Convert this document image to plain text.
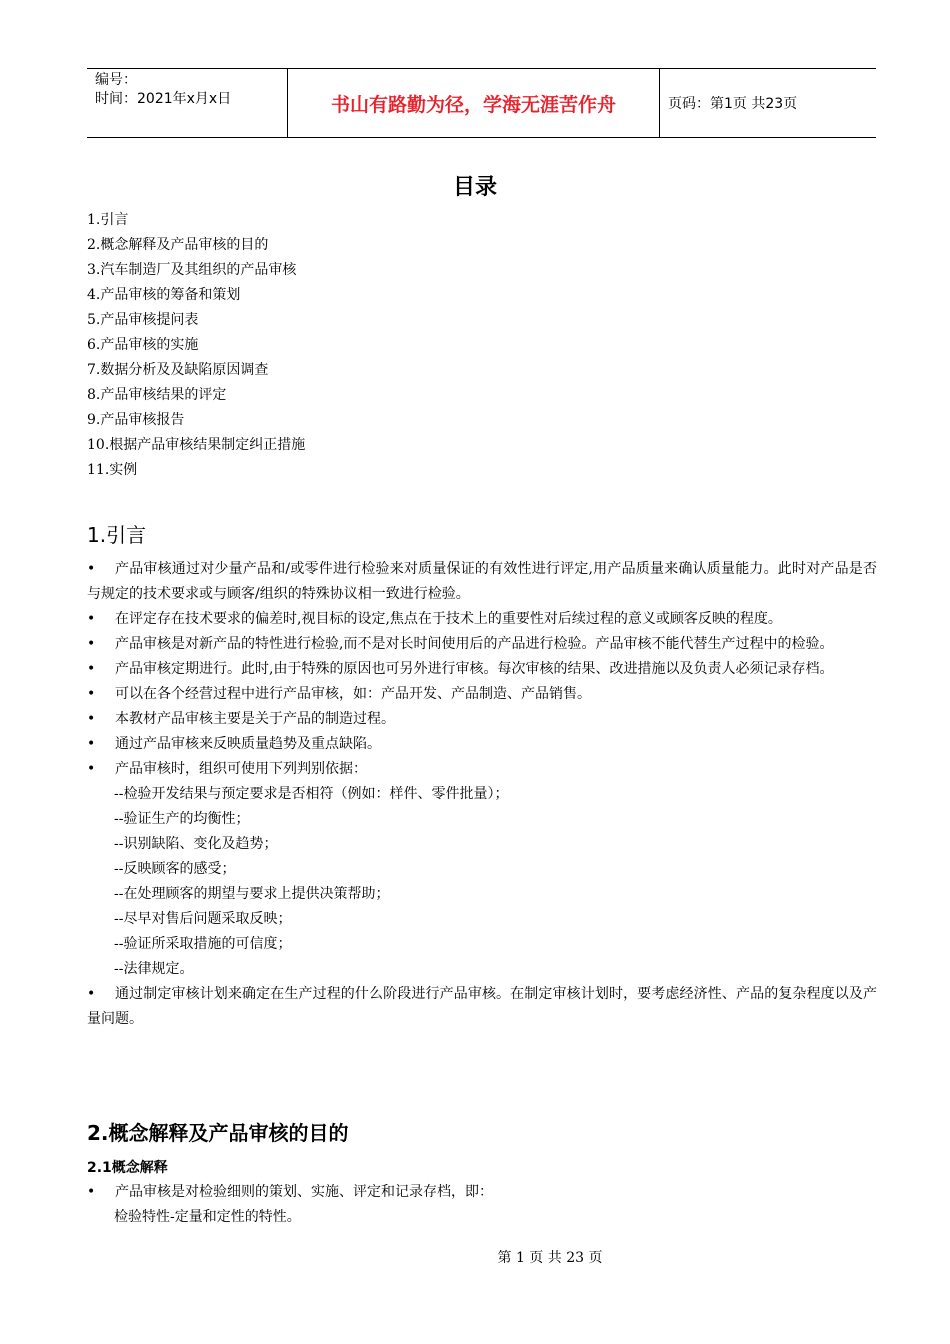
编号：
时间：2021年x月x日	书山有路勤为径，学海无涯苦作舟	页码：第1页 共23页
目录
1.引言
2.概念解释及产品审核的目的
3.汽车制造厂及其组织的产品审核
4.产品审核的筹备和策划
5.产品审核提问表
6.产品审核的实施
7.数据分析及及缺陷原因调查
8.产品审核结果的评定
9.产品审核报告
10.根据产品审核结果制定纠正措施
11.实例
1.引言

•	产品审核通过对少量产品和/或零件进行检验来对质量保证的有效性进行评定,用产品质量来确认质量能力。此时对产品是否与规定的技术要求或与顾客/组织的特殊协议相一致进行检验。

•	在评定存在技术要求的偏差时,视目标的设定,焦点在于技术上的重要性对后续过程的意义或顾客反映的程度。

•	产品审核是对新产品的特性进行检验,而不是对长时间使用后的产品进行检验。产品审核不能代替生产过程中的检验。

•	产品审核定期进行。此时,由于特殊的原因也可另外进行审核。每次审核的结果、改进措施以及负责人必须记录存档。

•	可以在各个经营过程中进行产品审核，如：产品开发、产品制造、产品销售。

•	本教材产品审核主要是关于产品的制造过程。

•	通过产品审核来反映质量趋势及重点缺陷。

•	产品审核时，组织可使用下列判别依据：

--检验开发结果与预定要求是否相符（例如：样件、零件批量）；

--验证生产的均衡性；

--识别缺陷、变化及趋势；

--反映顾客的感受；

--在处理顾客的期望与要求上提供决策帮助；

--尽早对售后问题采取反映；

--验证所采取措施的可信度；

--法律规定。

•	通过制定审核计划来确定在生产过程的什么阶段进行产品审核。在制定审核计划时，要考虑经济性、产品的复杂程度以及产量问题。

2.概念解释及产品审核的目的
2.1概念解释

•	产品审核是对检验细则的策划、实施、评定和记录存档，即：

检验特性-定量和定性的特性。

第 1 页 共 23 页
